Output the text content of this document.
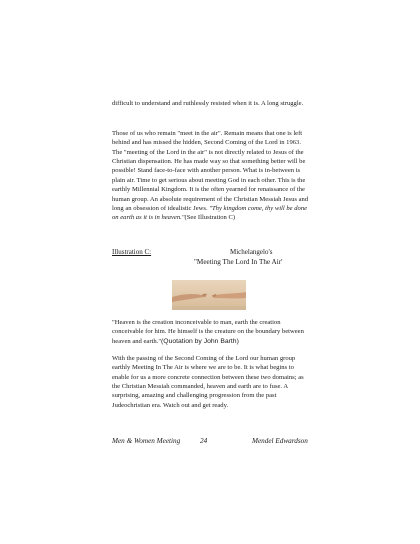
difficult to understand and ruthlessly resisted when it is. A long struggle.

Those of us who remain "meet in the air". Remain means that one is left behind and has missed the hidden, Second Coming of the Lord in 1963. The "meeting of the Lord in the air" is not directly related to Jesus of the Christian dispensation. He has made way so that something better will be possible! Stand face-to-face with another person. What is in-between is plain air. Time to get serious about meeting God in each other. This is the earthly Millennial Kingdom. It is the often yearned for renaissance of the human group. An absolute requirement of the Christian Messiah Jesus and long an obsession of idealistic Jews. "Thy kingdom come, thy will be done on earth as it is in heaven."(See Illustration C)

Illustration C:	Michelangelo's
"Meeting The Lord In The Air'

"Heaven is the creation inconceivable to man, earth the creation conceivable for him. He himself is the creature on the boundary between heaven and earth."(Quotation by John Barth)

With the passing of the Second Coming of the Lord our human group earthly Meeting In The Air is where we are to be. It is what begins to enable for us a more concrete connection between these two domains; as the Christian Messiah commanded, heaven and earth are to fuse. A surprising, amazing and challenging progression from the past Judeochristian era. Watch out and get ready.

Men & Women Meeting	24	Mendel Edwardson
